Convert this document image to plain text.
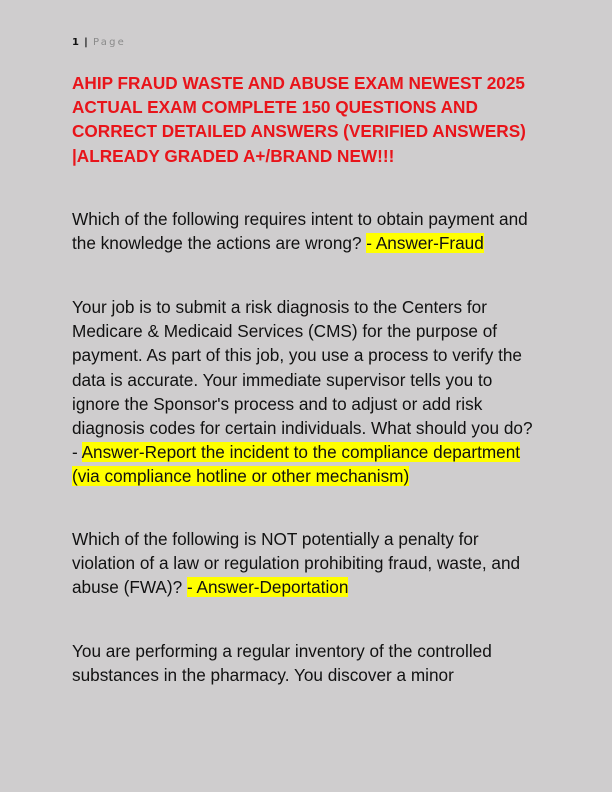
1 | Page
AHIP FRAUD WASTE AND ABUSE EXAM NEWEST 2025 ACTUAL EXAM COMPLETE 150 QUESTIONS AND CORRECT DETAILED ANSWERS (VERIFIED ANSWERS) |ALREADY GRADED A+/BRAND NEW!!!

Which of the following requires intent to obtain payment and the knowledge the actions are wrong? - Answer-Fraud

Your job is to submit a risk diagnosis to the Centers for Medicare & Medicaid Services (CMS) for the purpose of payment. As part of this job, you use a process to verify the data is accurate. Your immediate supervisor tells you to ignore the Sponsor's process and to adjust or add risk diagnosis codes for certain individuals. What should you do? - Answer-Report the incident to the compliance department (via compliance hotline or other mechanism)

Which of the following is NOT potentially a penalty for violation of a law or regulation prohibiting fraud, waste, and abuse (FWA)? - Answer-Deportation

You are performing a regular inventory of the controlled substances in the pharmacy. You discover a minor
